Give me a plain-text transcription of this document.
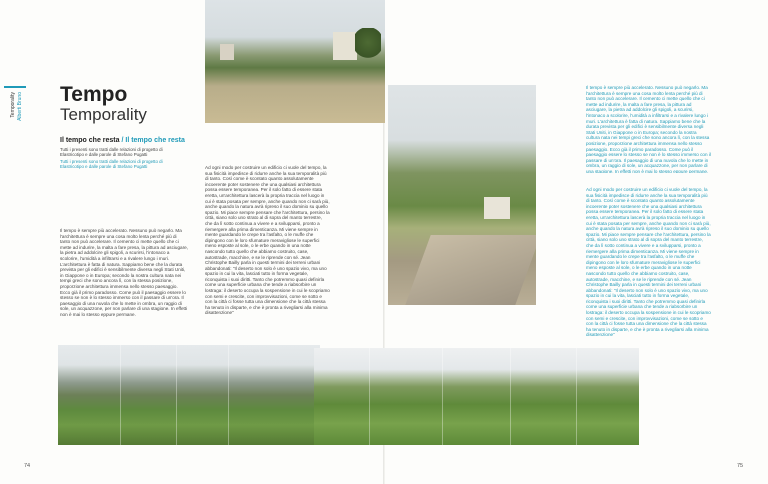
Temporality Alberti Bruno Tempo
Temporality
Il tempo che resta / Il tempo che resta
Tutti i presenti sono tratti dalle relazioni di progetto di Elastricotipo e dalle parole di Stefano Pugatti
Tutti i presenti sono tratti dalle relazioni di progetto di Elastricotipo e dalle parole di Stefano Pugatti
Il tempo è sempre più accelerato. Nessuno può negarlo. Ma l'architettura è sempre una cosa molto lenta perché più di tanto non può accelerare. Il cemento ci mette quello che ci mette ad indurire, la malta a fare presa, la pittura ad asciugare, la pietra ad addolcire gli spigoli, a scurirsi, l'intonaco a scolorire, l'umidità a infiltrarsi e a rivalere lungo i muri. L'architettura è fatta di natura. Sappiamo bene che la durata prevista per gli edifici è sensibilmente diversa negli Stati Uniti, in Giappone o in Europa; secondo la nostra cultura nata nei tempi greci che sono ancora lì, con la stessa posizione, proporzione architettura immensa nello stesso paesaggio. Ecco già il primo paradosso. Come può il paesaggio essere lo stesso se non è lo stesso immerso con il passare di un'ora. Il paesaggio di una nuvola che lo mette in ombra, un raggio di sole, un acquazzone, per non parlare di una stagione. In effetti non è mai lo stesso eppure permane.
Ad ogni modo per costruire un edificio ci vuole del tempo, la sua fisicità impedisce di ridurre anche la sua temporalità più di tanto. Così come è scontato quanto assolutamente incoerente poter sostenere che una qualsiasi architettura possa essere temporanea. Per il solo fatto di essere stata eretta, un'architettura lascerà la propria traccia nel luogo in cui è stata posata per sempre, anche quando non ci sarà più, anche quando la natura avrà ripreso il suo dominio su quello spazio. Mi piace sempre pensare che l'architettura, persino la città, siano solo uno strato al di sopra del manto terrestre, che da lì sotto continua a vivere e a svilupparsi, pronto a riemergere alla prima dimenticanza. Mi viene sempre in mente guardando le crepe tra l'asfalto, o le muffe che dipingono con le loro sfumature meravigliose le superfici meno esposte al sole, o le erbe quando in una notte nascondo tutto quello che abbiamo costruito, case, autostrade, macchine, e se le riprende con sé. Jean Christophe Bailly parla in questi termini dei terreni urbani abbandonati: "Il deserto non solo è uno spazio vivo, ma uno spazio in cui la vita, lasciati tutto in forma vegetale, riconquista i suoi diritti. Tanto che potremmo quasi definirla come una superficie urbana che tende a riabsorbire un lostraga: il deserto occupa la sospensione in cui le scopriamo con semi e crescite, con improvvisazioni, come se sotto e con la città ci fosse tutta una dimensione che la città stessa ha tenuto in disparte, e che è pronta a rivegliarsi alla minima disattenzione"
Il tempo è sempre più accelerato. Nessuno può negarlo. Ma l'architettura è sempre una cosa molto lenta perché più di tanto non può accelerare. Il cemento ci mette quello che ci mette ad indurire, la malta a fare presa, la pittura ad asciugare, la pietra ad addolcire gli spigoli, a scurirsi, l'intonaco a scolorire, l'umidità a infiltrarsi e a rivalere lungo i muri. L'architettura è fatta di natura. Sappiamo bene che la durata prevista per gli edifici è sensibilmente diversa negli Stati Uniti, in Giappone o in Europa; secondo la nostra cultura nata nei tempi greci che sono ancora lì, con la stessa posizione, proporzione architettura immensa nello stesso paesaggio. Ecco già il primo paradosso. Come può il paesaggio essere lo stesso se non è lo stesso immerso con il passare di un'ora. Il paesaggio di una nuvola che lo mette in ombra, un raggio di sole, un acquazzone, per non parlare di una stagione. In effetti non è mai lo stesso eppure permane.
Ad ogni modo per costruire un edificio ci vuole del tempo, la sua fisicità impedisce di ridurre anche la sua temporalità più di tanto. Così come è scontato quanto assolutamente incoerente poter sostenere che una qualsiasi architettura possa essere temporanea. Per il solo fatto di essere stata eretta, un'architettura lascerà la propria traccia nel luogo in cui è stata posata per sempre, anche quando non ci sarà più, anche quando la natura avrà ripreso il suo dominio su quello spazio. Mi piace sempre pensare che l'architettura, persino la città, siano solo uno strato al di sopra del manto terrestre, che da lì sotto continua a vivere e a svilupparsi, pronto a riemergere alla prima dimenticanza. Mi viene sempre in mente guardando le crepe tra l'asfalto, o le muffe che dipingono con le loro sfumature meravigliose le superfici meno esposte al sole, o le erbe quando in una notte nascondo tutto quello che abbiamo costruito, case, autostrade, macchine, e se le riprende con sé. Jean Christophe Bailly parla in questi termini dei terreni urbani abbandonati: "Il deserto non solo è uno spazio vivo, ma uno spazio in cui la vita, lasciati tutto in forma vegetale, riconquista i suoi diritti. Tanto che potremmo quasi definirla come una superficie urbana che tende a riabsorbire un lostraga: il deserto occupa la sospensione in cui le scopriamo con semi e crescite, con improvvisazioni, come se sotto e con la città ci fosse tutta una dimensione che la città stessa ha tenuto in disparte, e che è pronta a rivegliarsi alla minima disattenzione"
74	75
